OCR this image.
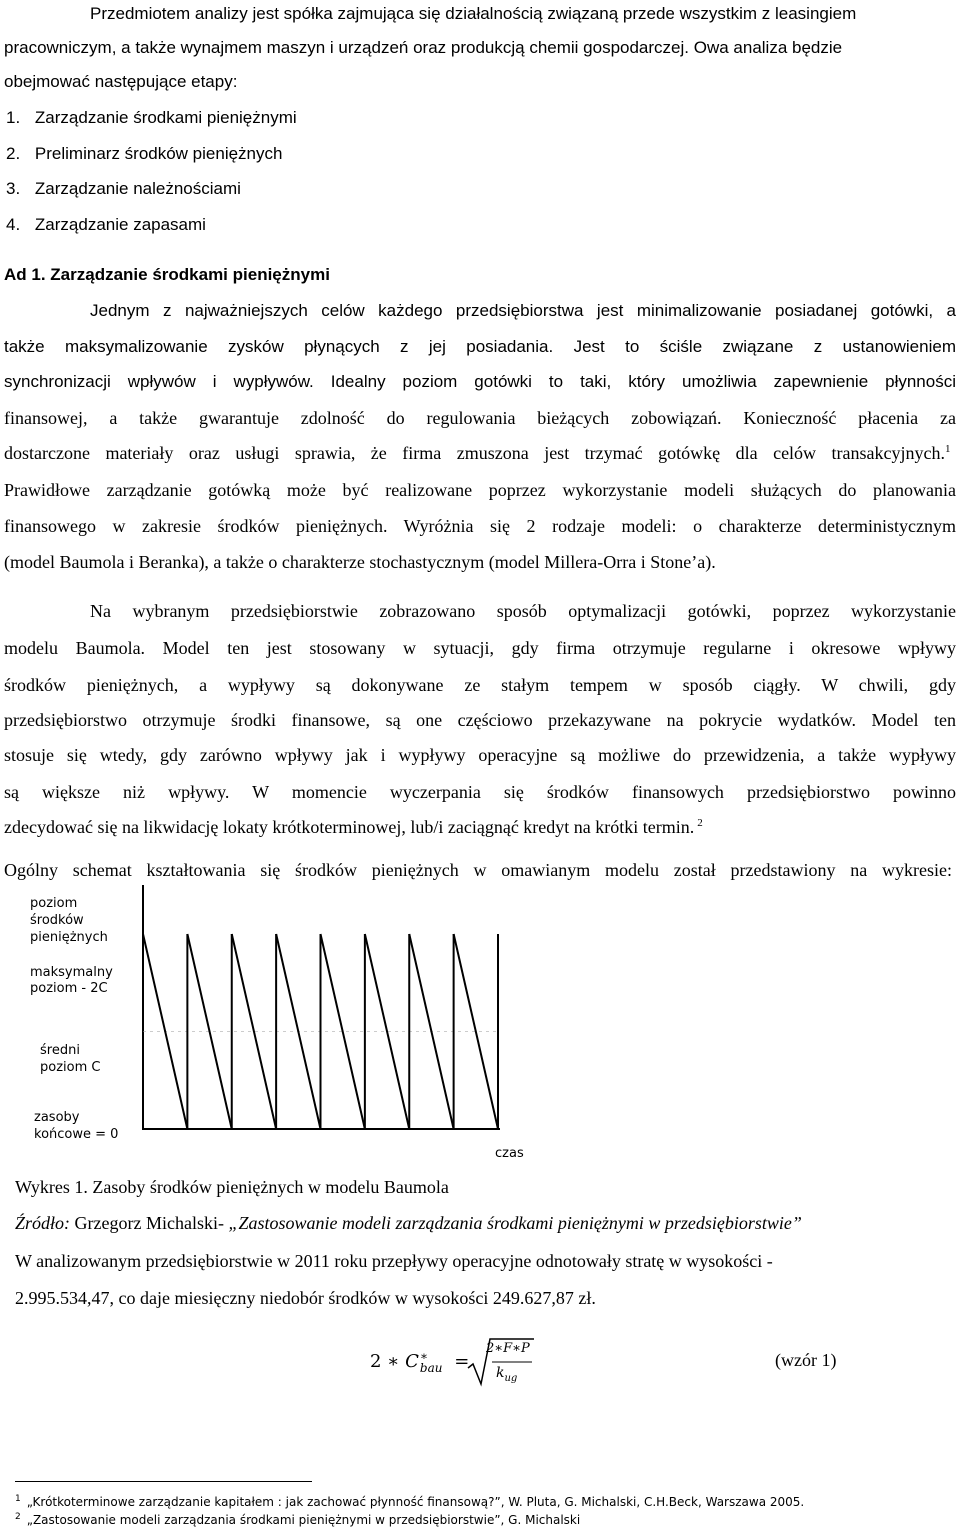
Przedmiotem analizy jest spółka zajmująca się działalnością związaną przede wszystkim z leasingiem
pracowniczym, a także wynajmem maszyn i urządzeń oraz produkcją chemii gospodarczej. Owa analiza będzie
obejmować następujące etapy:
1. Zarządzanie środkami pieniężnymi
2. Preliminarz środków pieniężnych
3. Zarządzanie należnościami
4. Zarządzanie zapasami
Ad 1. Zarządzanie środkami pieniężnymi
Jednym z najważniejszych celów każdego przedsiębiorstwa jest minimalizowanie posiadanej gotówki, a
także maksymalizowanie zysków płynących z jej posiadania. Jest to ściśle związane z ustanowieniem
synchronizacji wpływów i wypływów. Idealny poziom gotówki to taki, który umożliwia zapewnienie płynności
finansowej, a także gwarantuje zdolność do regulowania bieżących zobowiązań. Konieczność płacenia za
dostarczone materiały oraz usługi sprawia, że firma zmuszona jest trzymać gotówkę dla celów transakcyjnych.$^1$
Prawidłowe zarządzanie gotówką może być realizowane poprzez wykorzystanie modeli służących do planowania
finansowego w zakresie środków pieniężnych. Wyróżnia się 2 rodzaje modeli: o charakterze deterministycznym
(model Baumola i Beranka), a także o charakterze stochastycznym (model Millera-Orra i Stone’a).
Na wybranym przedsiębiorstwie zobrazowano sposób optymalizacji gotówki, poprzez wykorzystanie
modelu Baumola. Model ten jest stosowany w sytuacji, gdy firma otrzymuje regularne i okresowe wpływy
środków pieniężnych, a wypływy są dokonywane ze stałym tempem w sposób ciągły. W chwili, gdy
przedsiębiorstwo otrzymuje środki finansowe, są one częściowo przekazywane na pokrycie wydatków. Model ten
stosuje się wtedy, gdy zarówno wpływy jak i wypływy operacyjne są możliwe do przewidzenia, a także wypływy
są większe niż wpływy. W momencie wyczerpania się środków finansowych przedsiębiorstwo powinno
zdecydować się na likwidację lokaty krótkoterminowej, lub/i zaciągnąć kredyt na krótki termin. $^2$
Ogólny schemat kształtowania się środków pieniężnych w omawianym modelu został przedstawiony na wykresie:
poziom
środków
pieniężnych
maksymalny
poziom - 2C
średni
poziom C
zasoby
końcowe = 0
czas
Wykres 1. Zasoby środków pieniężnych w modelu Baumola
Źródło: Grzegorz Michalski- „Zastosowanie modeli zarządzania środkami pieniężnymi w przedsiębiorstwie”
W analizowanym przedsiębiorstwie w 2011 roku przepływy operacyjne odnotowały stratę w wysokości -
2.995.534,47, co daje miesięczny niedobór środków w wysokości 249.627,87 zł.
2 ∗ C ∗
bau =
2∗F∗P
$k_{ug}$
(wzór 1)
$^1$ „Krótkoterminowe zarządzanie kapitałem : jak zachować płynność finansową?”, W. Pluta, G. Michalski, C.H.Beck, Warszawa 2005.
$^2$ „Zastosowanie modeli zarządzania środkami pieniężnymi w przedsiębiorstwie”, G. Michalski
